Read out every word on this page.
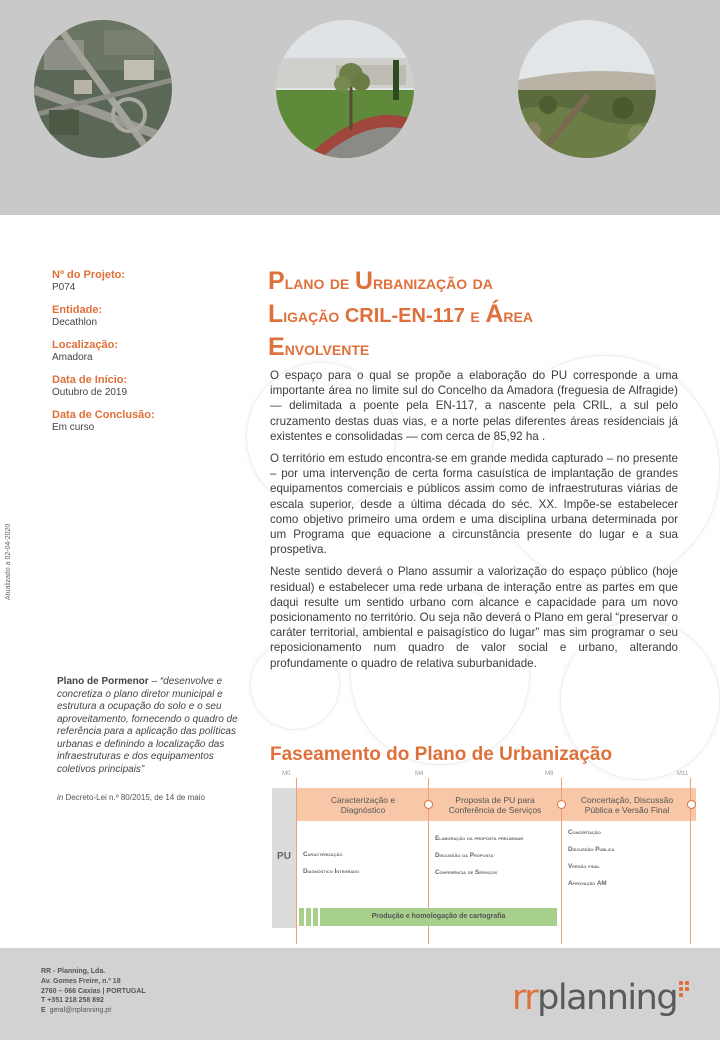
Nº do Projeto:
P074
Entidade:
Decathlon
Localização:
Amadora
Data de Início:
Outubro de 2019
Data de Conclusão:
Em curso
Atualizado a 02-04-2020
Plano de Urbanização da
Ligação CRIL-EN-117 e Área
Envolvente

O espaço para o qual se propõe a elaboração do PU corresponde a uma importante área no limite sul do Concelho da Amadora (freguesia de Alfragide) — delimitada a poente pela EN-117, a nascente pela CRIL, a sul pelo cruzamento destas duas vias, e a norte pelas diferentes áreas residenciais já existentes e consolidadas — com cerca de 85,92 ha .

O território em estudo encontra-se em grande medida capturado – no presente – por uma intervenção de certa forma casuística de implantação de grandes equipamentos comerciais e públicos assim como de infraestruturas viárias de escala superior, desde a última década do séc. XX. Impõe-se estabelecer como objetivo primeiro uma ordem e uma disciplina urbana determinada por um Programa que equacione a circunstância presente do lugar e a sua prospetiva.

Neste sentido deverá o Plano assumir a valorização do espaço público (hoje residual) e estabelecer uma rede urbana de interação entre as partes em que daqui resulte um sentido urbano com alcance e capacidade para um novo posicionamento no território. Ou seja não deverá o Plano em geral “preservar o caráter territorial, ambiental e paisagístico do lugar” mas sim programar o seu reposicionamento num quadro de valor social e urbano, alterando profundamente o quadro de relativa suburbanidade.

Plano de Pormenor – “desenvolve e concretiza o plano diretor municipal e estrutura a ocupação do solo e o seu aproveitamento, fornecendo o quadro de referência para a aplicação das políticas urbanas e definindo a localização das infraestruturas e dos equipamentos coletivos principais”
in Decreto-Lei n.º 80/2015, de 14 de maio
Faseamento do Plano de Urbanização
PU
M0	M4	M8	M11
Caracterização e Diagnóstico
Proposta de PU para Conferência de Serviços
Concertação, Discussão Pública e Versão Final
Caracterização
Diagnóstico Integrado
Elaboração da proposta preliminar
Discussão da Proposta
Conferência de Serviços
Concertação
Discussão Pública
Versão final
Aprovação AM
Produção e homologação de cartografia
RR - Planning, Lda.
Av. Gomes Freire, n.º 18
2760 – 066 Caxias | PORTUGAL
T +351 218 258 892
E geral@rrplanning.pt	rrplanning
